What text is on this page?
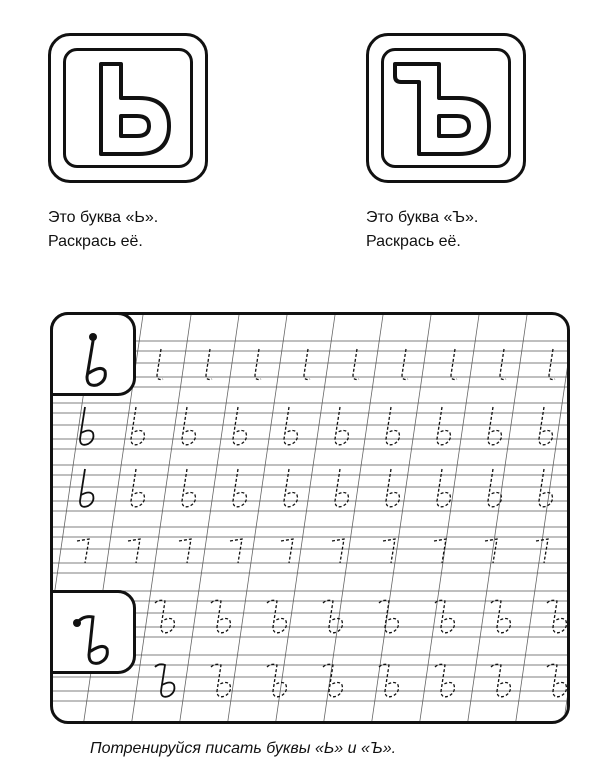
Это буква «Ь».
Раскрась её.
Это буква «Ъ».
Раскрась её.
Потренируйся писать буквы «Ь» и «Ъ».
